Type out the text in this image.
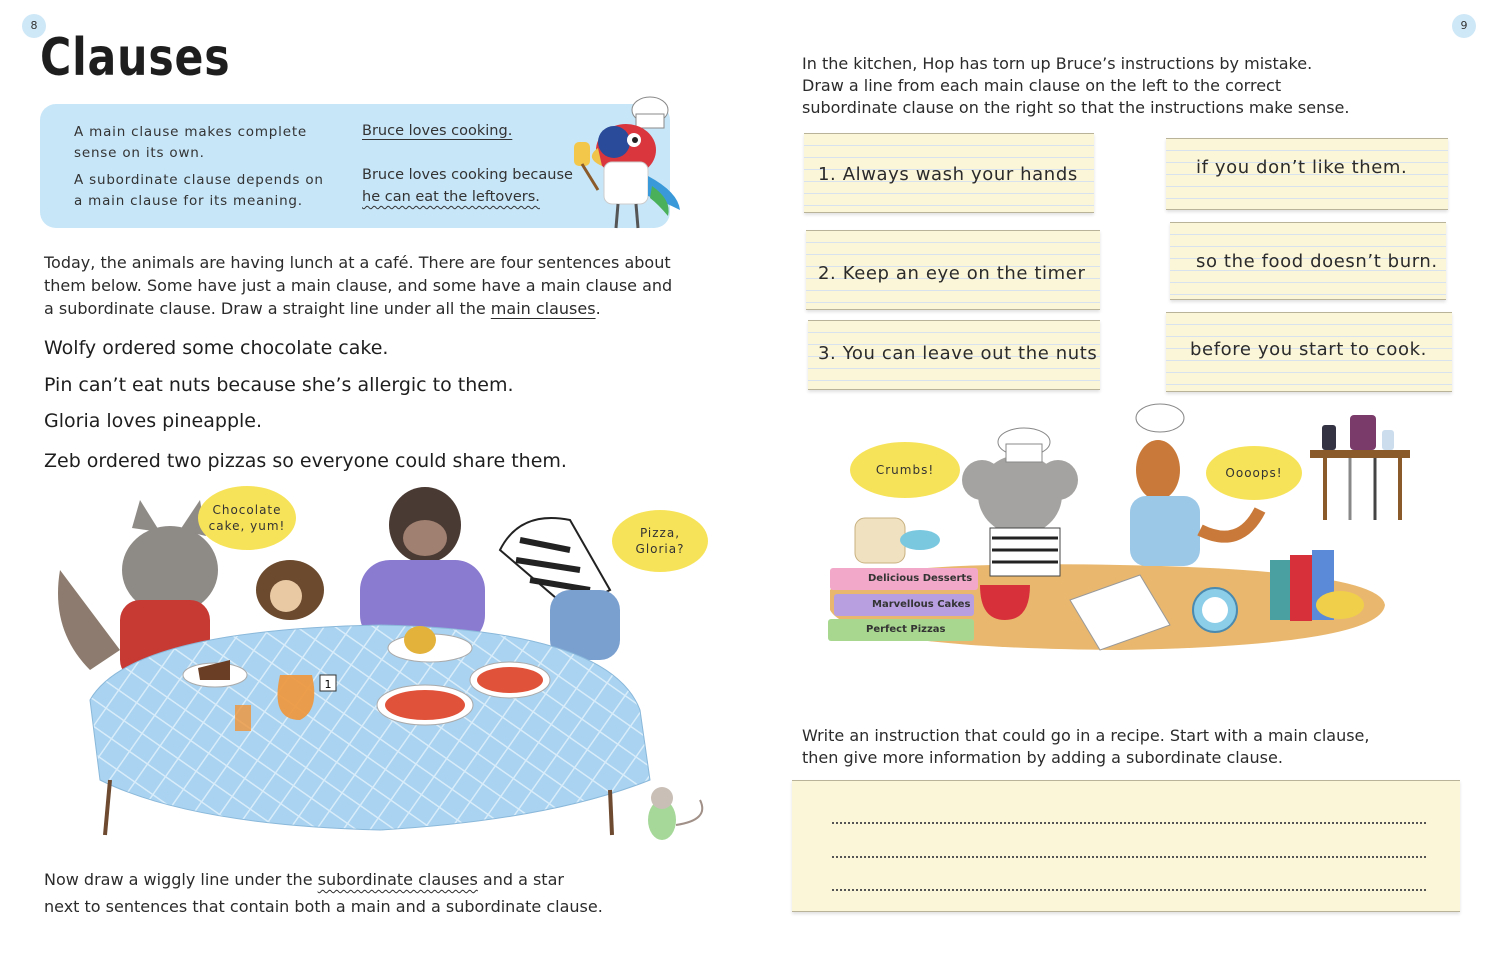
8
Clauses
A main clause makes complete sense on its own.
A subordinate clause depends on a main clause for its meaning.
Bruce loves cooking.
Bruce loves cooking because
he can eat the leftovers.
Today, the animals are having lunch at a café. There are four sentences about
them below. Some have just a main clause, and some have a main clause and
a subordinate clause. Draw a straight line under all the main clauses.
Wolfy ordered some chocolate cake.
Pin can’t eat nuts because she’s allergic to them.
Gloria loves pineapple.
Zeb ordered two pizzas so everyone could share them.
1
Chocolate cake, yum!	Pizza, Gloria?
Now draw a wiggly line under the subordinate clauses and a star
next to sentences that contain both a main and a subordinate clause.
9
In the kitchen, Hop has torn up Bruce’s instructions by mistake.
Draw a line from each main clause on the left to the correct
subordinate clause on the right so that the instructions make sense.
1. Always wash your hands
2. Keep an eye on the timer
3. You can leave out the nuts
if you don’t like them.
so the food doesn’t burn.
before you start to cook.
Crumbs!	Oooops!
Delicious Desserts
Marvellous Cakes
Perfect Pizzas
Write an instruction that could go in a recipe. Start with a main clause,
then give more information by adding a subordinate clause.
